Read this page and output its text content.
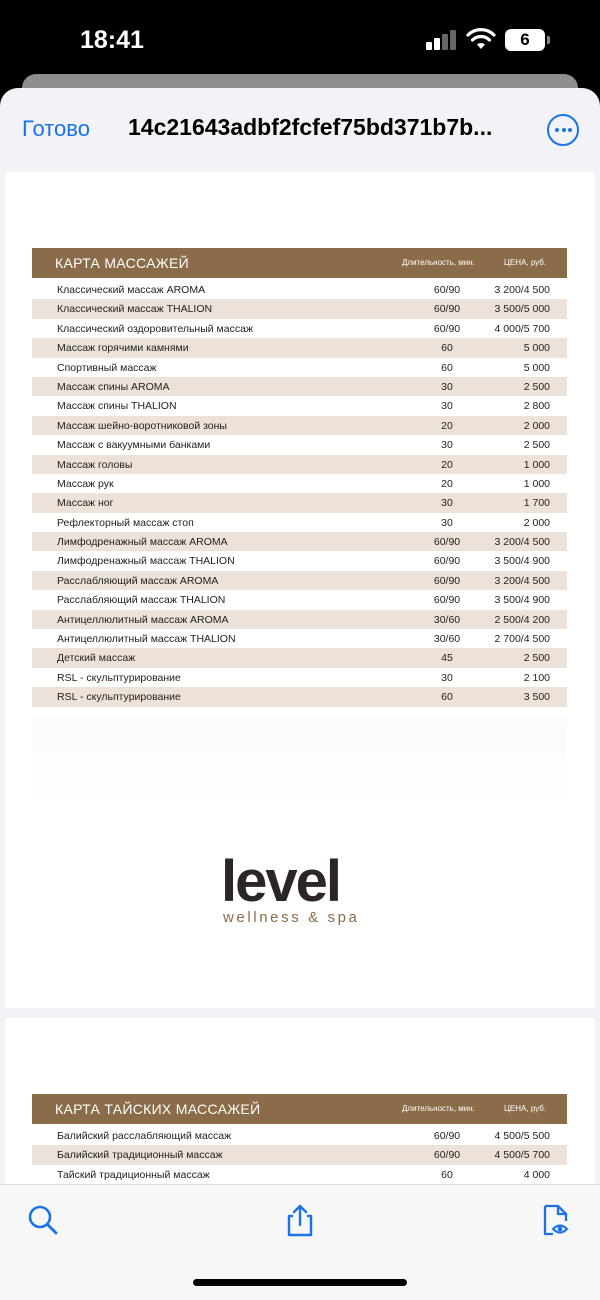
18:41	6
Готово 14c21643adbf2fcfef75bd371b7b...
КАРТА МАССАЖЕЙ	Длительность, мин.	ЦЕНА, руб.
Классический массаж AROMA	60/90	3 200/4 500
Классический массаж THALION	60/90	3 500/5 000
Классический оздоровительный массаж	60/90	4 000/5 700
Массаж горячими камнями	60	5 000
Спортивный массаж	60	5 000
Массаж спины AROMA	30	2 500
Массаж спины THALION	30	2 800
Массаж шейно-воротниковой зоны	20	2 000
Массаж с вакуумными банками	30	2 500
Массаж головы	20	1 000
Массаж рук	20	1 000
Массаж ног	30	1 700
Рефлекторный массаж стоп	30	2 000
Лимфодренажный массаж AROMA	60/90	3 200/4 500
Лимфодренажный массаж THALION	60/90	3 500/4 900
Расслабляющий массаж AROMA	60/90	3 200/4 500
Расслабляющий массаж THALION	60/90	3 500/4 900
Антицеллюлитный массаж AROMA	30/60	2 500/4 200
Антицеллюлитный массаж THALION	30/60	2 700/4 500
Детский массаж	45	2 500
RSL - скульптурирование	30	2 100
RSL - скульптурирование	60	3 500
level
wellness & spa
КАРТА ТАЙСКИХ МАССАЖЕЙ	Длительность, мин.	ЦЕНА, руб.
Балийский расслабляющий массаж	60/90	4 500/5 500
Балийский традиционный массаж	60/90	4 500/5 700
Тайский традиционный массаж	60	4 000
